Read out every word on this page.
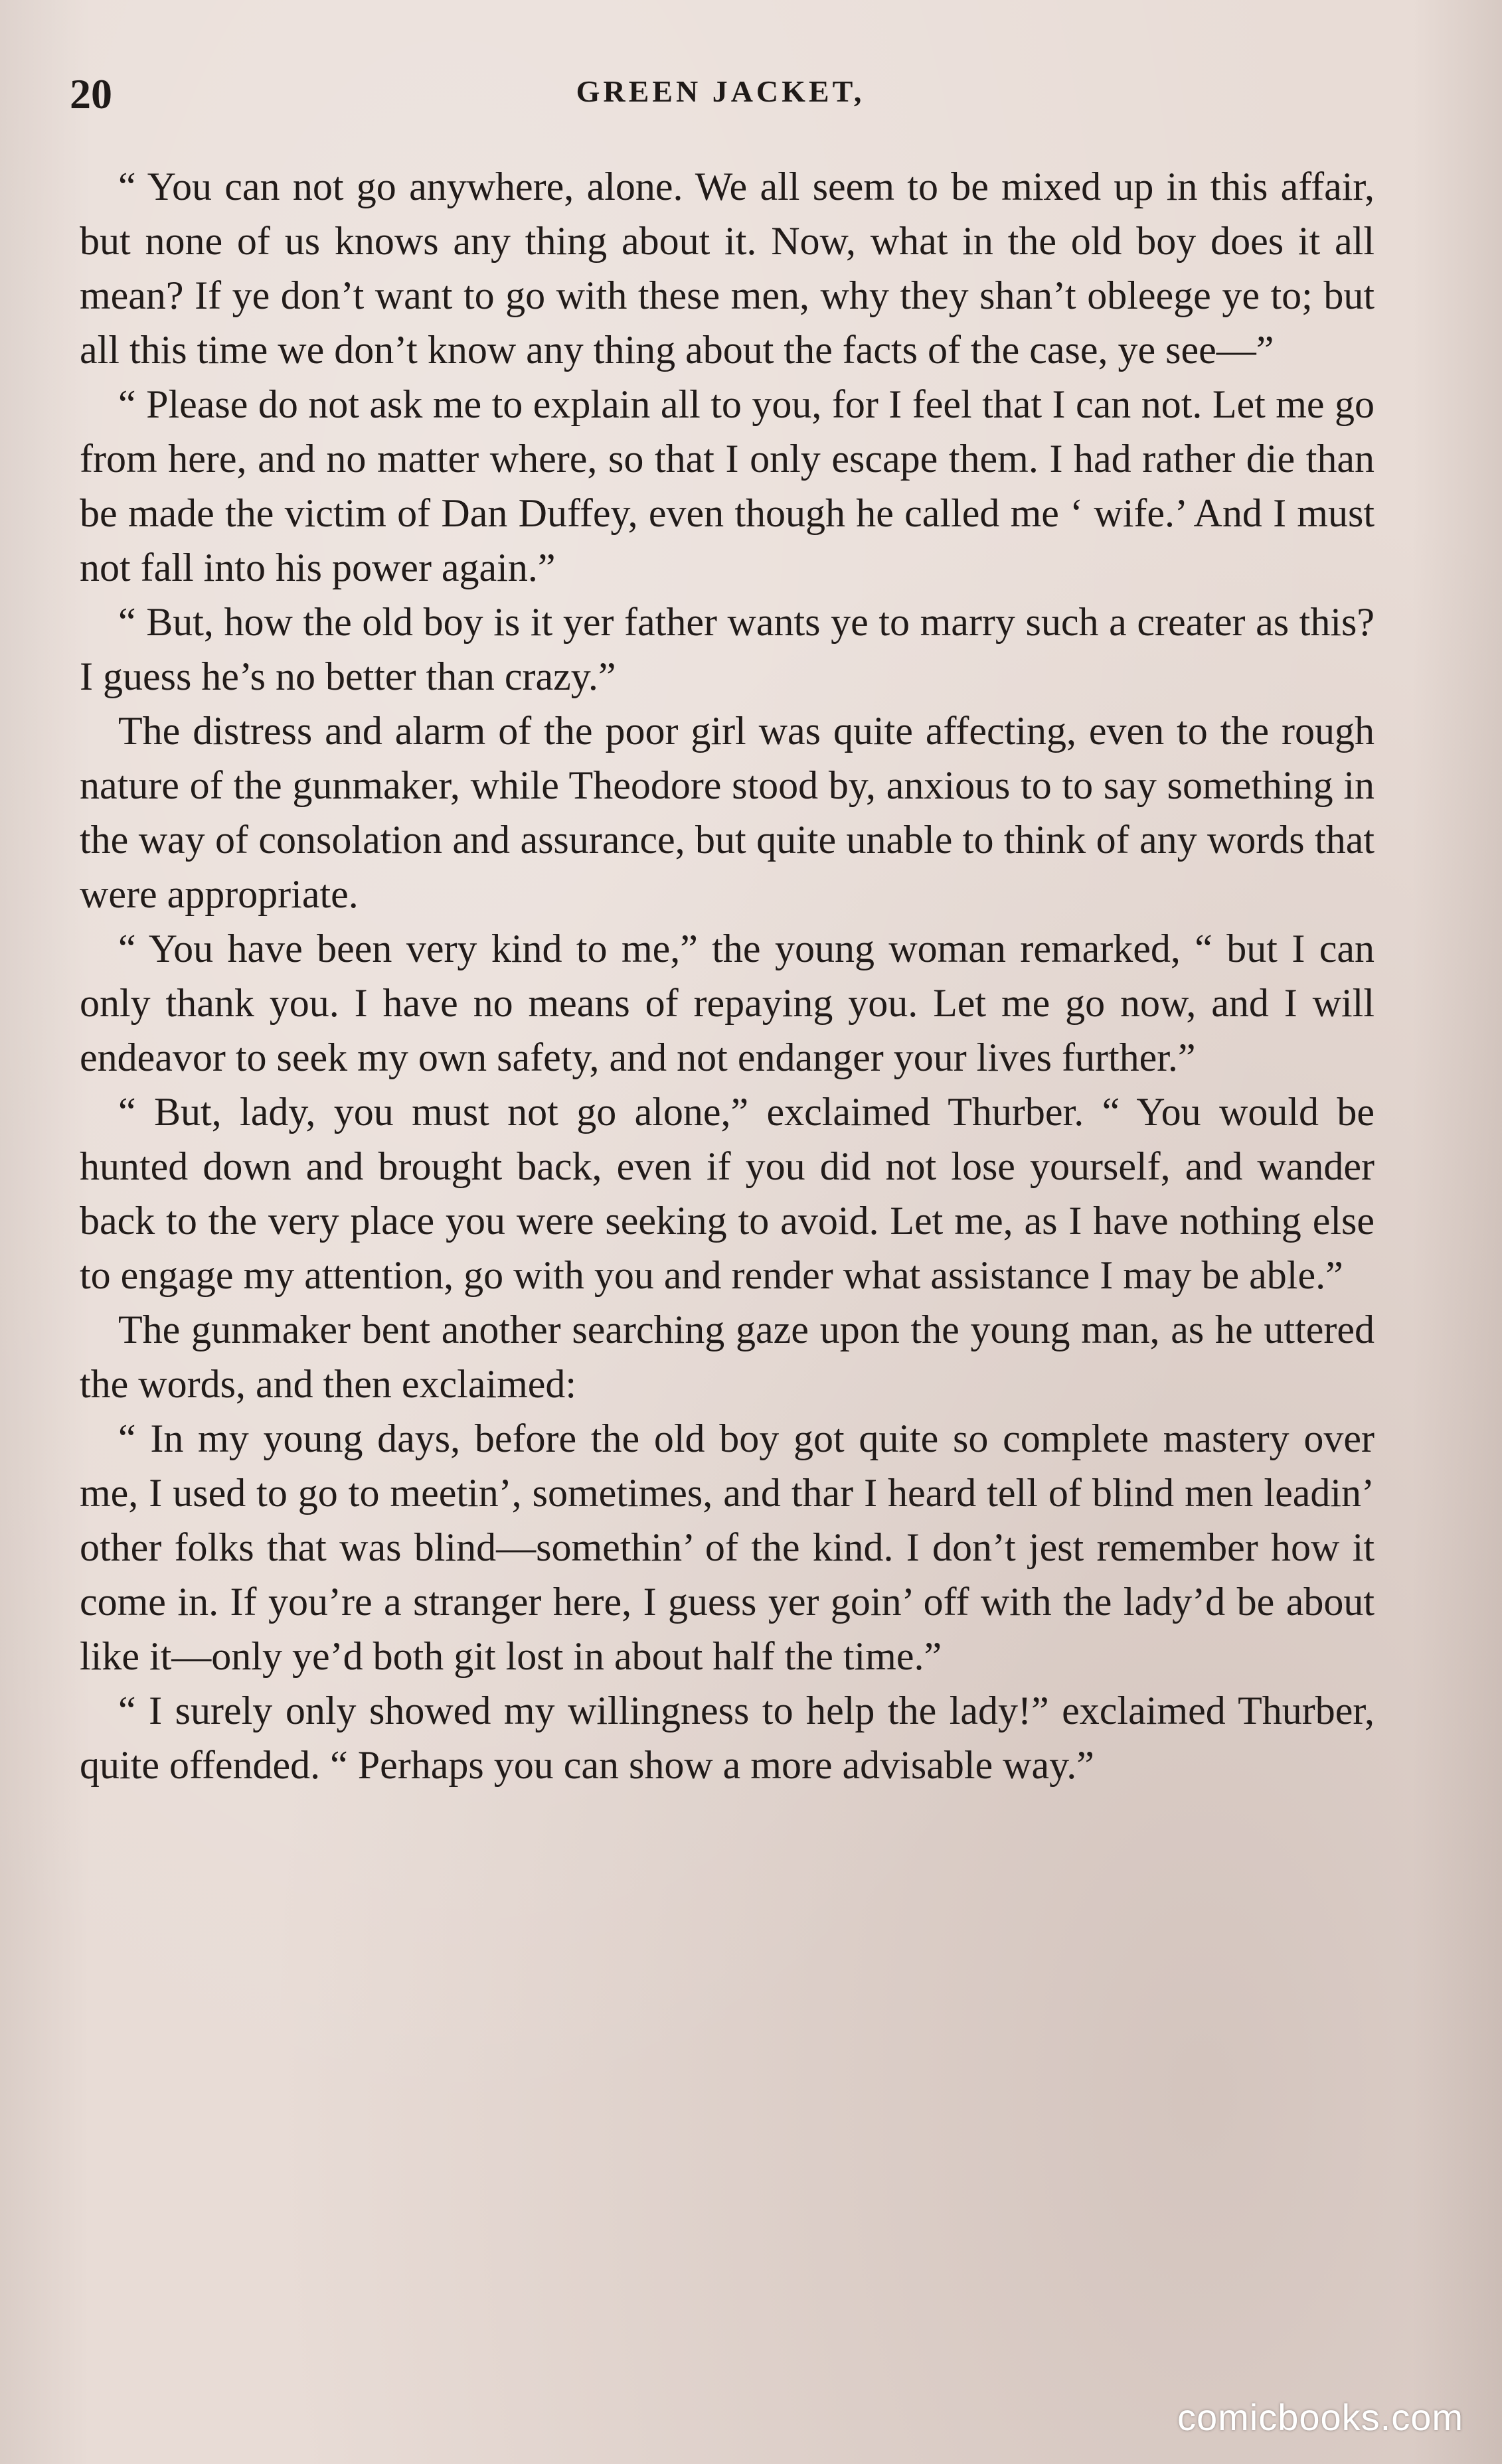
20	GREEN JACKET,

“ You can not go anywhere, alone. We all seem to be mixed up in this affair, but none of us knows any thing about it. Now, what in the old boy does it all mean? If ye don’t want to go with these men, why they shan’t obleege ye to; but all this time we don’t know any thing about the facts of the case, ye see—”

“ Please do not ask me to explain all to you, for I feel that I can not. Let me go from here, and no matter where, so that I only escape them. I had rather die than be made the victim of Dan Duffey, even though he called me ‘ wife.’ And I must not fall into his power again.”

“ But, how the old boy is it yer father wants ye to marry such a creater as this? I guess he’s no better than crazy.”

The distress and alarm of the poor girl was quite affecting, even to the rough nature of the gunmaker, while Theodore stood by, anxious to to say something in the way of consolation and assurance, but quite unable to think of any words that were appropriate.

“ You have been very kind to me,” the young woman remarked, “ but I can only thank you. I have no means of repaying you. Let me go now, and I will endeavor to seek my own safety, and not endanger your lives further.”

“ But, lady, you must not go alone,” exclaimed Thurber. “ You would be hunted down and brought back, even if you did not lose yourself, and wander back to the very place you were seeking to avoid. Let me, as I have nothing else to engage my attention, go with you and render what assistance I may be able.”

The gunmaker bent another searching gaze upon the young man, as he uttered the words, and then exclaimed:

“ In my young days, before the old boy got quite so complete mastery over me, I used to go to meetin’, sometimes, and thar I heard tell of blind men leadin’ other folks that was blind—somethin’ of the kind. I don’t jest remember how it come in. If you’re a stranger here, I guess yer goin’ off with the lady’d be about like it—only ye’d both git lost in about half the time.”

“ I surely only showed my willingness to help the lady!” exclaimed Thurber, quite offended. “ Perhaps you can show a more advisable way.”

comicbooks.com
